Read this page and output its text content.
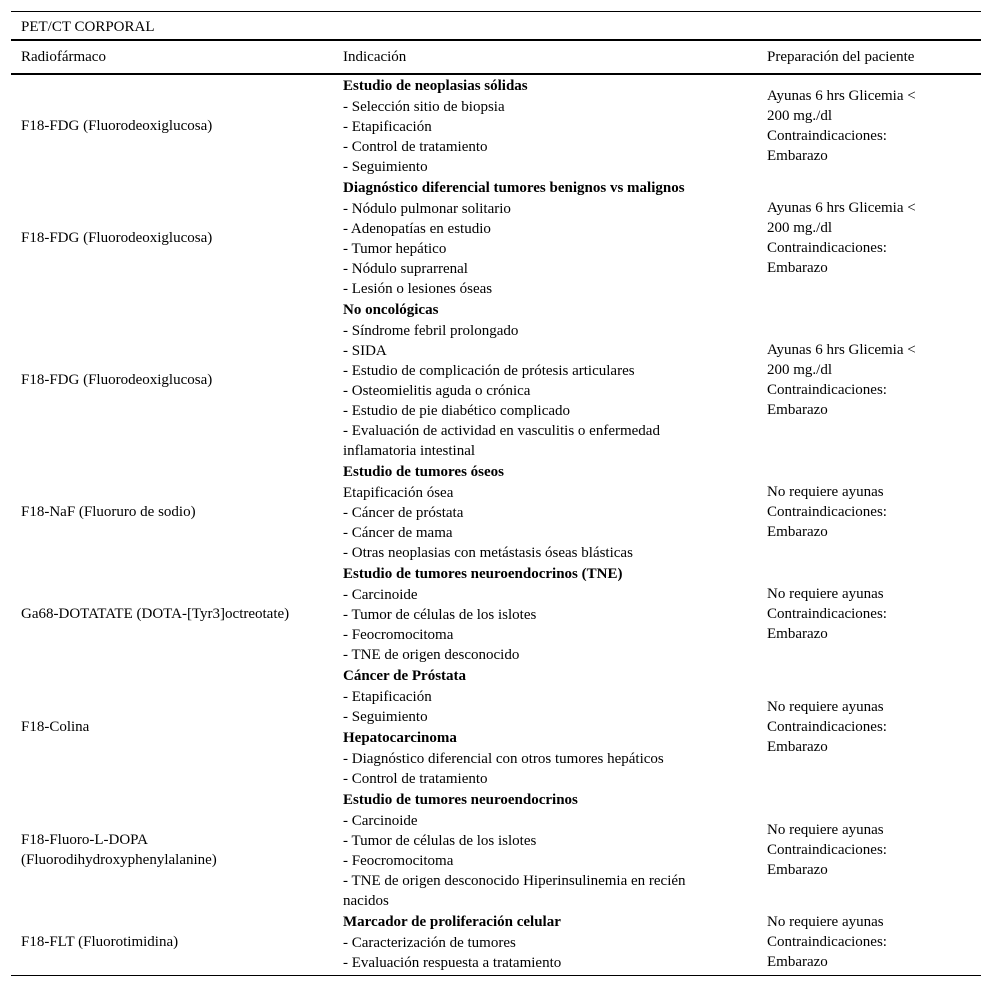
PET/CT CORPORAL
Radiofármaco	Preparación del paciente
Indicación
F18-FDG (Fluorodeoxiglucosa)
Estudio de neoplasias sólidas
- Selección sitio de biopsia
- Etapificación
- Control de tratamiento
- Seguimiento
Ayunas 6 hrs Glicemia <
200 mg./dl
Contraindicaciones:
Embarazo
F18-FDG (Fluorodeoxiglucosa)
Diagnóstico diferencial tumores benignos vs malignos
- Nódulo pulmonar solitario
- Adenopatías en estudio
- Tumor hepático
- Nódulo suprarrenal
- Lesión o lesiones óseas
Ayunas 6 hrs Glicemia <
200 mg./dl
Contraindicaciones:
Embarazo
F18-FDG (Fluorodeoxiglucosa)
No oncológicas
- Síndrome febril prolongado
- SIDA
- Estudio de complicación de prótesis articulares
- Osteomielitis aguda o crónica
- Estudio de pie diabético complicado
- Evaluación de actividad en vasculitis o enfermedad
inflamatoria intestinal
Ayunas 6 hrs Glicemia <
200 mg./dl
Contraindicaciones:
Embarazo
F18-NaF (Fluoruro de sodio)
Estudio de tumores óseos
Etapificación ósea
- Cáncer de próstata
- Cáncer de mama
- Otras neoplasias con metástasis óseas blásticas
No requiere ayunas
Contraindicaciones:
Embarazo
Ga68-DOTATATE (DOTA-[Tyr3]octreotate)
Estudio de tumores neuroendocrinos (TNE)
- Carcinoide
- Tumor de células de los islotes
- Feocromocitoma
- TNE de origen desconocido
No requiere ayunas
Contraindicaciones:
Embarazo
F18-Colina
Cáncer de Próstata
- Etapificación
- Seguimiento
Hepatocarcinoma
- Diagnóstico diferencial con otros tumores hepáticos
- Control de tratamiento
No requiere ayunas
Contraindicaciones:
Embarazo
F18-Fluoro-L-DOPA (Fluorodihydroxyphenylalanine)
Estudio de tumores neuroendocrinos
- Carcinoide
- Tumor de células de los islotes
- Feocromocitoma
- TNE de origen desconocido Hiperinsulinemia en recién
nacidos
No requiere ayunas
Contraindicaciones:
Embarazo
F18-FLT (Fluorotimidina)
Marcador de proliferación celular
- Caracterización de tumores
- Evaluación respuesta a tratamiento
No requiere ayunas
Contraindicaciones:
Embarazo
